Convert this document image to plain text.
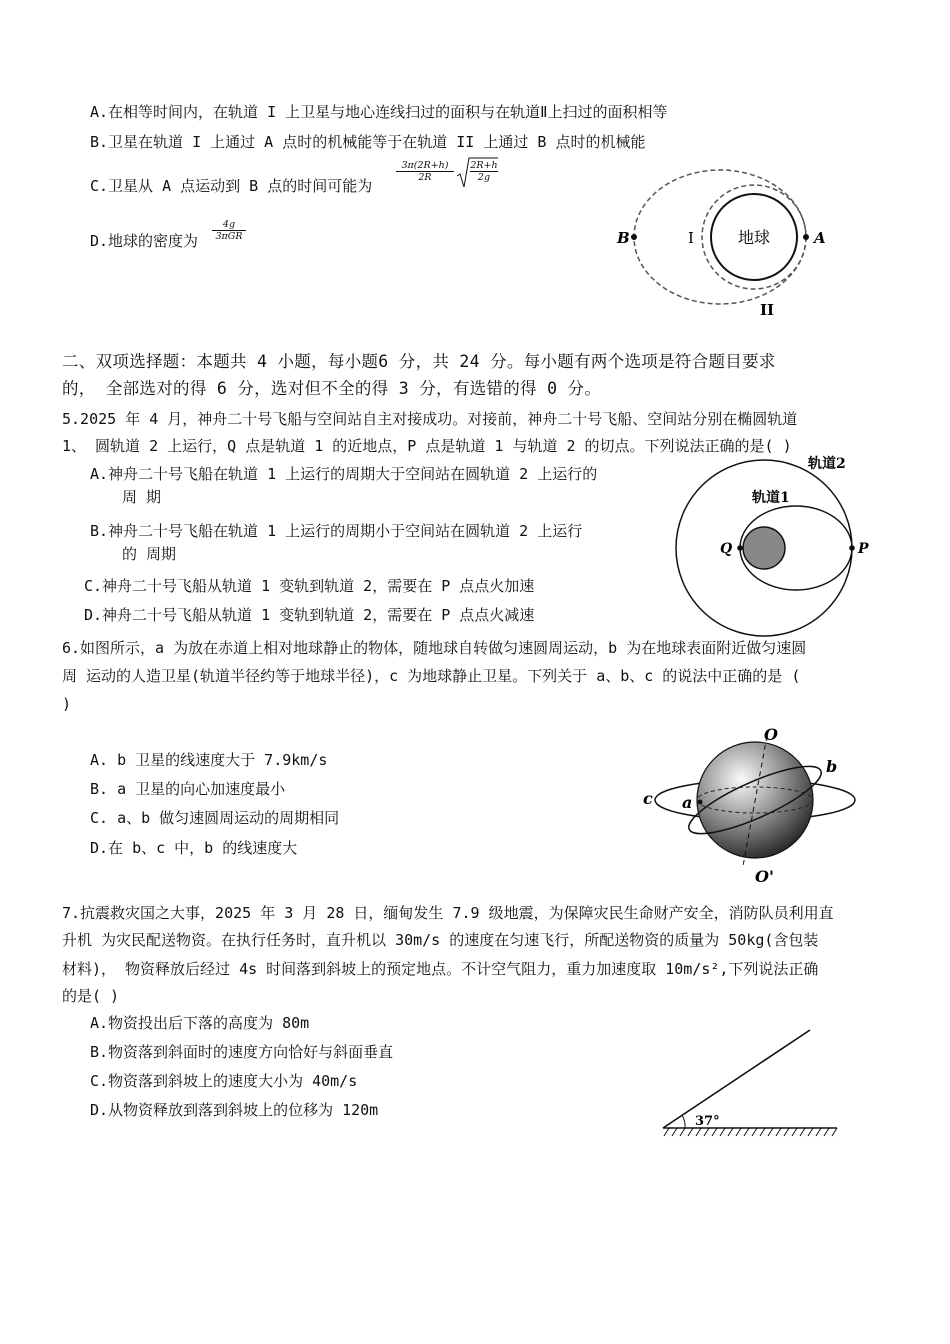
A.在相等时间内，在轨道 I 上卫星与地心连线扫过的面积与在轨道Ⅱ上扫过的面积相等
B.卫星在轨道 I 上通过 A 点时的机械能等于在轨道 II 上通过 B 点时的机械能
C.卫星从 A 点运动到 B 点的时间可能为
$\frac{3\pi(2R+h)}{2R} \frac{2R+h}{2g}$
D.地球的密度为
4g
3πGR	地球
B	A
I
II
二、双项选择题：本题共 4 小题，每小题6 分，共 24 分。每小题有两个选项是符合题目要求
的， 全部选对的得 6 分，选对但不全的得 3 分，有选错的得 0 分。
5.2025 年 4 月，神舟二十号飞船与空间站自主对接成功。对接前，神舟二十号飞船、空间站分别在椭圆轨道
1、 圆轨道 2 上运行，Q 点是轨道 1 的近地点，P 点是轨道 1 与轨道 2 的切点。下列说法正确的是( )
A.神舟二十号飞船在轨道 1 上运行的周期大于空间站在圆轨道 2 上运行的
周 期
B.神舟二十号飞船在轨道 1 上运行的周期小于空间站在圆轨道 2 上运行
的 周期
C.神舟二十号飞船从轨道 1 变轨到轨道 2，需要在 P 点点火加速
D.神舟二十号飞船从轨道 1 变轨到轨道 2，需要在 P 点点火减速
Q	P
轨道2
轨道1
6.如图所示，a 为放在赤道上相对地球静止的物体，随地球自转做匀速圆周运动，b 为在地球表面附近做匀速圆
周 运动的人造卫星(轨道半径约等于地球半径)，c 为地球静止卫星。下列关于 a、b、c 的说法中正确的是 (
)
A. b 卫星的线速度大于 7.9km/s
B. a 卫星的向心加速度最小
C. a、b 做匀速圆周运动的周期相同
D.在 b、c 中，b 的线速度大
O
O'
b
c a
7.抗震救灾国之大事，2025 年 3 月 28 日，缅甸发生 7.9 级地震，为保障灾民生命财产安全，消防队员利用直
升机 为灾民配送物资。在执行任务时，直升机以 30m/s 的速度在匀速飞行，所配送物资的质量为 50kg(含包装
材料)， 物资释放后经过 4s 时间落到斜坡上的预定地点。不计空气阻力，重力加速度取 10m/s²,下列说法正确
的是( )
A.物资投出后下落的高度为 80m
B.物资落到斜面时的速度方向恰好与斜面垂直
C.物资落到斜坡上的速度大小为 40m/s
D.从物资释放到落到斜坡上的位移为 120m
37°
